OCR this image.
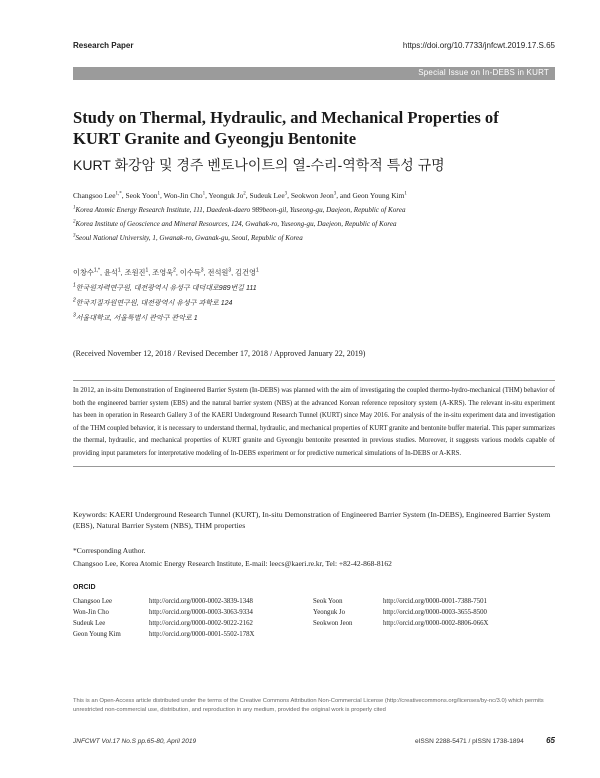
Research Paper	https://doi.org/10.7733/jnfcwt.2019.17.S.65
Special Issue on In-DEBS in KURT
Study on Thermal, Hydraulic, and Mechanical Properties of
KURT Granite and Gyeongju Bentonite
KURT 화강암 및 경주 벤토나이트의 열-수리-역학적 특성 규명
Changsoo Lee$^{1,*}$, Seok Yoon$^1$, Won-Jin Cho$^1$, Yeonguk Jo$^2$, Sudeuk Lee$^3$, Seokwon Jeon$^3$, and Geon Young Kim$^1$
$^1$Korea Atomic Energy Research Institute, 111, Daedeok-daero 989beon-gil, Yuseong-gu, Daejeon, Republic of Korea
$^2$Korea Institute of Geoscience and Mineral Resources, 124, Gwahak-ro, Yuseong-gu, Daejeon, Republic of Korea
$^3$Seoul National University, 1, Gwanak-ro, Gwanak-gu, Seoul, Republic of Korea
이창수$^{1,*}$, 윤석$^1$, 조원진$^1$, 조영욱$^2$, 이수득$^3$, 전석원$^3$, 김건영$^1$
$^1$한국원자력연구원, 대전광역시 유성구 대덕대로989번길 111
$^2$한국지질자원연구원, 대전광역시 유성구 과학로 124
$^3$서울대학교, 서울특별시 관악구 관악로 1
(Received November 12, 2018 / Revised December 17, 2018 / Approved January 22, 2019)
In 2012, an in-situ Demonstration of Engineered Barrier System (In-DEBS) was planned with the aim of investigating the coupled thermo-hydro-mechanical (THM) behavior of both the engineered barrier system (EBS) and the natural barrier system (NBS) at the advanced Korean reference repository system (A-KRS). The relevant in-situ experiment has been in operation in Research Gallery 3 of the KAERI Underground Research Tunnel (KURT) since May 2016. For analysis of the in-situ experiment data and investigation of the THM coupled behavior, it is necessary to understand thermal, hydraulic, and mechanical properties of KURT granite and bentonite buffer material. This paper summarizes the thermal, hydraulic, and mechanical properties of KURT granite and Gyeongju bentonite presented in previous studies. Moreover, it suggests various models capable of providing input parameters for interpretative modeling of In-DEBS experiment or for predictive numerical simulations of In-DEBS or A-KRS.
Keywords: KAERI Underground Research Tunnel (KURT), In-situ Demonstration of Engineered Barrier System (In-DEBS), Engineered Barrier System (EBS), Natural Barrier System (NBS), THM properties
*Corresponding Author.
Changsoo Lee, Korea Atomic Energy Research Institute, E-mail: leecs@kaeri.re.kr, Tel: +82-42-868-8162
ORCID
Changsoo Lee	http://orcid.org/0000-0002-3839-1348
Won-Jin Cho	http://orcid.org/0000-0003-3063-9334
Sudeuk Lee	http://orcid.org/0000-0002-9022-2162
Geon Young Kim	http://orcid.org/0000-0001-5502-178X
Seok Yoon	http://orcid.org/0000-0001-7388-7501
Yeonguk Jo	http://orcid.org/0000-0003-3655-8500
Seokwon Jeon	http://orcid.org/0000-0002-8806-066X
This is an Open-Access article distributed under the terms of the Creative Commons Attribution Non-Commercial License (http://creativecommons.org/licenses/by-nc/3.0) which permits unrestricted non-commercial use, distribution, and reproduction in any medium, provided the original work is properly cited
JNFCWT Vol.17 No.S pp.65-80, April 2019	eISSN 2288-5471 / pISSN 1738-1894	65
